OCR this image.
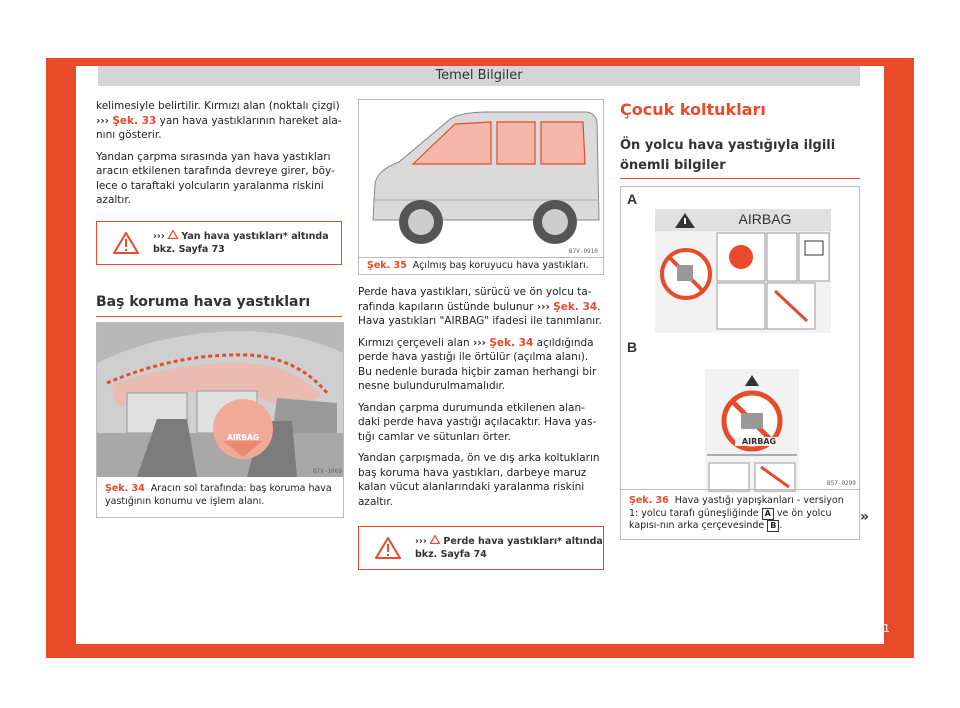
Temel Bilgiler

kelimesiyle belirtilir. Kırmızı alan (noktalı çizgi) ››› Şek. 33 yan hava yastıklarının hareket ala- nını gösterir.

Yandan çarpma sırasında yan hava yastıkları aracın etkilenen tarafında devreye girer, böy-lece o taraftaki yolcuların yaralanma riskini azaltır.

››› Yan hava yastıkları* altında
bkz. Sayfa 73
Baş koruma hava yastıkları
AIRBAG
B7V-1069
Şek. 34 Aracın sol tarafında: baş koruma hava yastığının konumu ve işlem alanı.
B7V-0910
Şek. 35 Açılmış baş koruyucu hava yastıkları.

Perde hava yastıkları, sürücü ve ön yolcu ta-rafında kapıların üstünde bulunur ››› Şek. 34. Hava yastıkları "AIRBAG" ifadesi ile tanımlanır.

Kırmızı çerçeveli alan ››› Şek. 34 açıldığında perde hava yastığı ile örtülür (açılma alanı). Bu nedenle burada hiçbir zaman herhangi bir nesne bulundurulmamalıdır.

Yandan çarpma durumunda etkilenen alan-daki perde hava yastığı açılacaktır. Hava yas-tığı camlar ve sütunları örter.

Yandan çarpışmada, ön ve dış arka koltukların baş koruma hava yastıkları, darbeye maruz kalan vücut alanlarındaki yaralanma riskini azaltır.

››› Perde hava yastıkları* altında
bkz. Sayfa 74
Çocuk koltukları
Ön yolcu hava yastığıyla ilgili
önemli bilgiler
A
B
AIRBAG
AIRBAG
B57-0299
Şek. 36 Hava yastığı yapışkanları - versiyon 1: yolcu tarafı güneşliğinde A ve ön yolcu kapısı-nın arka çerçevesinde B .
»
21
